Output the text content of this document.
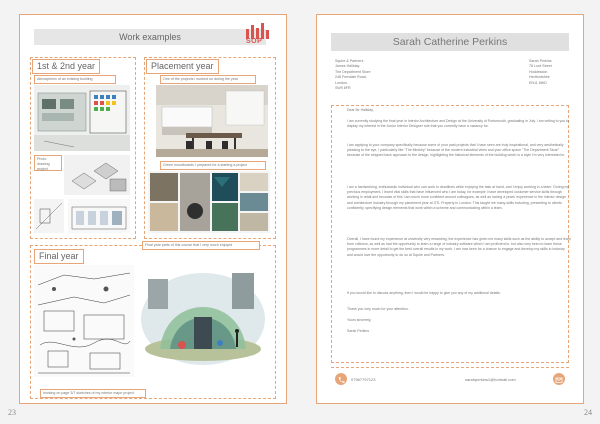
Work examples	SOP
1st & 2nd year
Atmospheric of an existing building
Photo drawing project
Placement year
One of the projects I worked on during the year
Green moodboards I prepared for a starting a project
Final year
Final year parts of this course that I very much enjoyed
working on page 3/7 sketches of my interior major project
23
Sarah Catherine Perkins
Squire & Partners
James Halliday
The Department Store
248 Ferndale Road,
London,
SW9 8FR
Sarah Perkins
78 Lord Street
Hoddesdon
Hertfordshire
EN11 8WD
Dear Mr Halliday,
I am currently studying the final year in Interior Architecture and Design at the University of Portsmouth, graduating in July. I am writing to you to display my interest in the Junior Interior Designer role that you currently have a vacancy for.
I am applying to your company specifically because some of your past projects that I have seen are truly inspirational, and very aesthetically pleasing to the eye, I particularly like "The Ministry" because of the modern industrial vibes and your office space "The Department Store" because of the stripped back approach to the design, highlighting the historical elements of the building which is a style I'm very interested in.
I am a hardworking, enthusiastic individual who can work to deadlines while enjoying the task at hand, and I enjoy working in a team. During my previous employment, I learnt vital skills that have influenced who I am today, for example I have developed customer service skills through working in retail and because of this I am much more confident around colleagues, as well as having a years' experience in the interior design and architecture industry through my placement year at GTL Property in London. This taught me many skills including, presenting to clients confidently, specifying design elements that work within a scheme and communicating within a team.
Overall, I have found my experience at university very rewarding, the experience has given me many skills such as the ability to accept and learn from criticism, as well as had the opportunity to learn a range of industry software which I am proficient in, but also very keen to learn these programmes in more detail to get the best overall results in my work. I am now keen for a chance to engage and develop my skills in industry and would love the opportunity to do so at Squire and Partners.
If you would like to discuss anything, then I would be happy to give you any of my additional details.
Thank you very much for your attention.
Yours sincerely,
Sarah Perkins
07967797123	sarahperkins1@hotmail.com
24
